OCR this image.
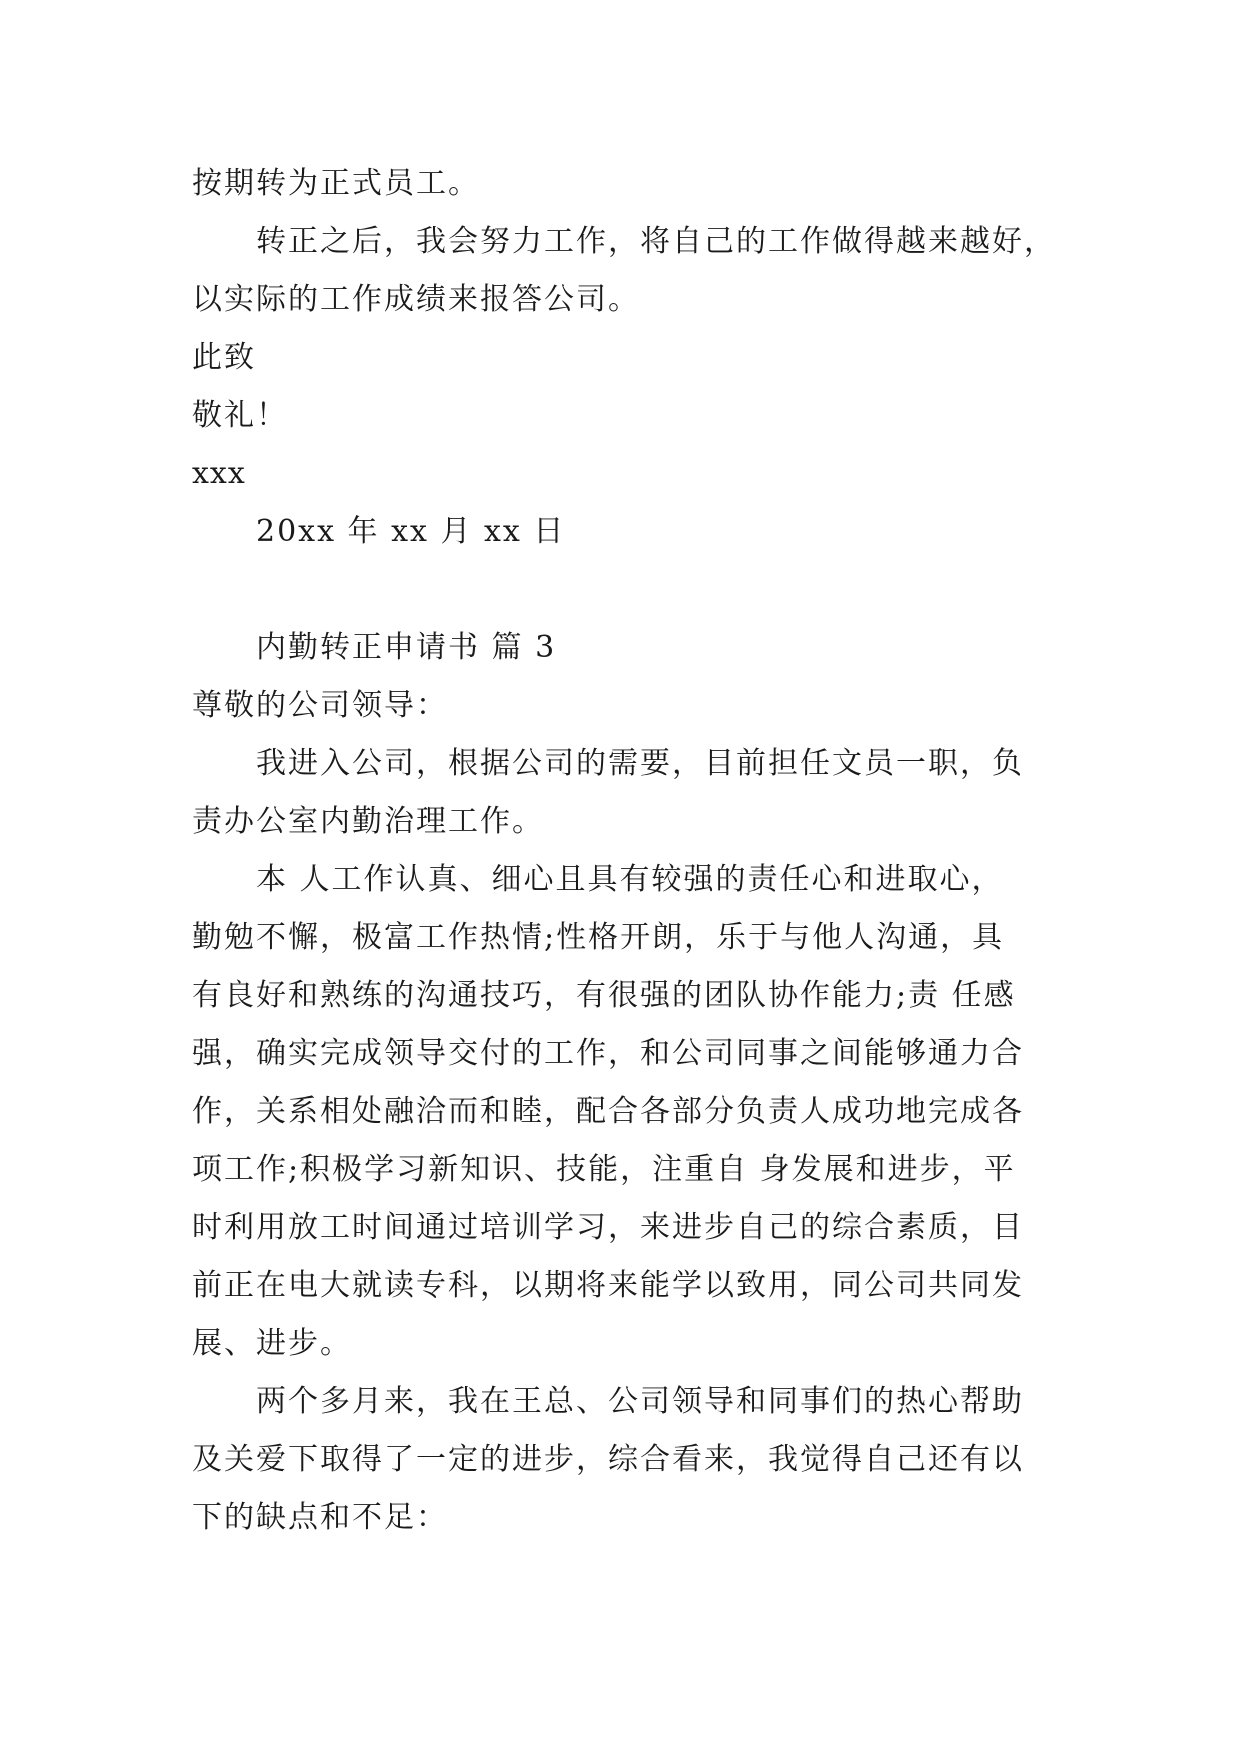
按期转为正式员工。

转正之后，我会努力工作，将自己的工作做得越来越好，

以实际的工作成绩来报答公司。

此致

敬礼！

xxx

20xx 年 xx 月 xx 日

内勤转正申请书 篇 3

尊敬的公司领导：

我进入公司，根据公司的需要，目前担任文员一职，负

责办公室内勤治理工作。

本 人工作认真、细心且具有较强的责任心和进取心，

勤勉不懈，极富工作热情;性格开朗，乐于与他人沟通，具

有良好和熟练的沟通技巧，有很强的团队协作能力;责 任感

强，确实完成领导交付的工作，和公司同事之间能够通力合

作，关系相处融洽而和睦，配合各部分负责人成功地完成各

项工作;积极学习新知识、技能，注重自 身发展和进步，平

时利用放工时间通过培训学习，来进步自己的综合素质，目

前正在电大就读专科，以期将来能学以致用，同公司共同发

展、进步。

两个多月来，我在王总、公司领导和同事们的热心帮助

及关爱下取得了一定的进步，综合看来，我觉得自己还有以

下的缺点和不足：
